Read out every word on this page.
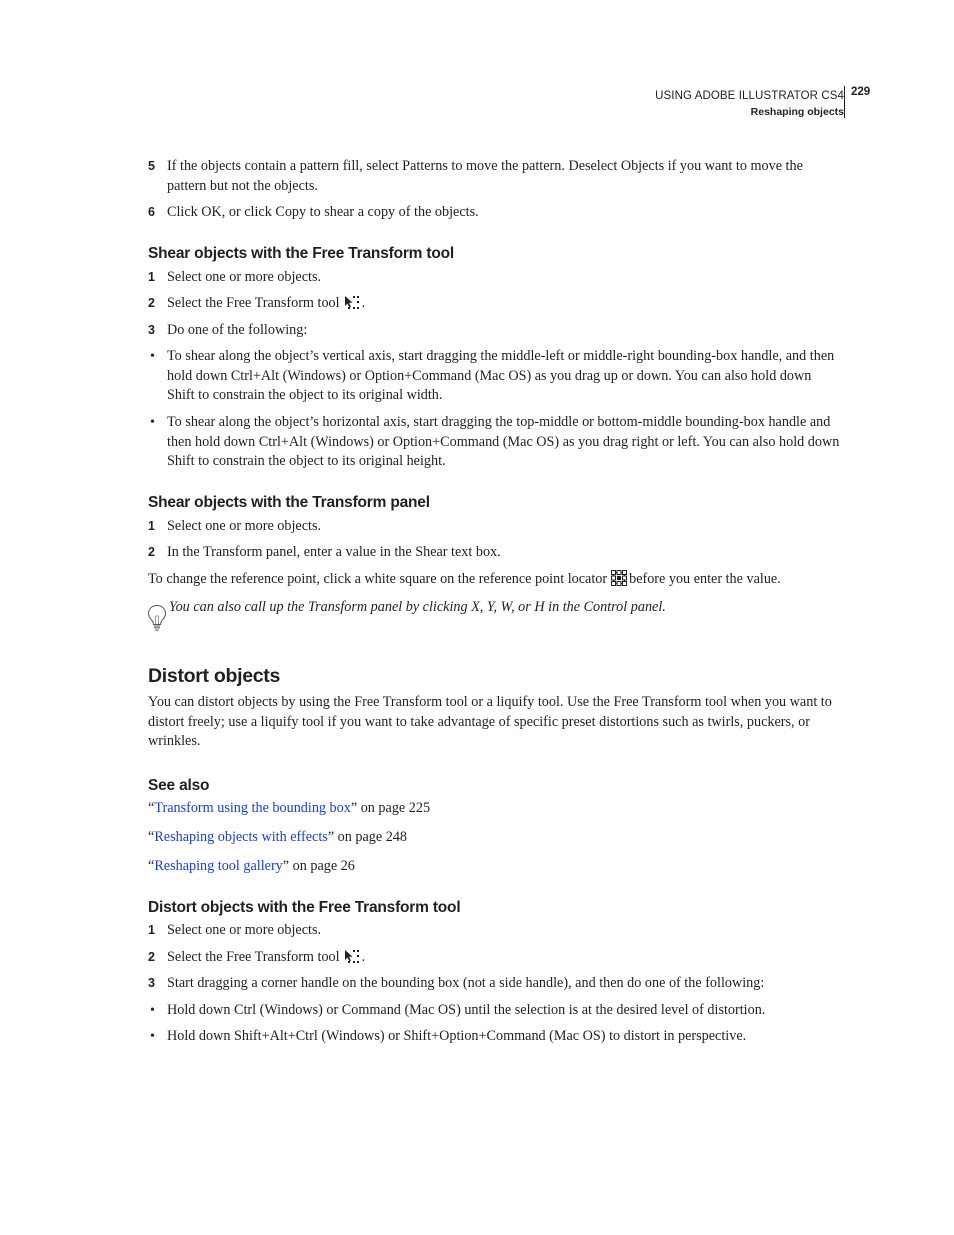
USING ADOBE ILLUSTRATOR CS4
Reshaping objects
229
5 If the objects contain a pattern fill, select Patterns to move the pattern. Deselect Objects if you want to move the pattern but not the objects.
6 Click OK, or click Copy to shear a copy of the objects.
Shear objects with the Free Transform tool
1 Select one or more objects.
2 Select the Free Transform tool .
3 Do one of the following:
• To shear along the object’s vertical axis, start dragging the middle-left or middle-right bounding-box handle, and then hold down Ctrl+Alt (Windows) or Option+Command (Mac OS) as you drag up or down. You can also hold down Shift to constrain the object to its original width.
• To shear along the object’s horizontal axis, start dragging the top-middle or bottom-middle bounding-box handle and then hold down Ctrl+Alt (Windows) or Option+Command (Mac OS) as you drag right or left. You can also hold down Shift to constrain the object to its original height.
Shear objects with the Transform panel
1 Select one or more objects.
2 In the Transform panel, enter a value in the Shear text box.
To change the reference point, click a white square on the reference point locator before you enter the value.
You can also call up the Transform panel by clicking X, Y, W, or H in the Control panel.
Distort objects
You can distort objects by using the Free Transform tool or a liquify tool. Use the Free Transform tool when you want to distort freely; use a liquify tool if you want to take advantage of specific preset distortions such as twirls, puckers, or wrinkles.
See also
“Transform using the bounding box” on page 225
“Reshaping objects with effects” on page 248
“Reshaping tool gallery” on page 26
Distort objects with the Free Transform tool
1 Select one or more objects.
2 Select the Free Transform tool .
3 Start dragging a corner handle on the bounding box (not a side handle), and then do one of the following:
• Hold down Ctrl (Windows) or Command (Mac OS) until the selection is at the desired level of distortion.
• Hold down Shift+Alt+Ctrl (Windows) or Shift+Option+Command (Mac OS) to distort in perspective.
